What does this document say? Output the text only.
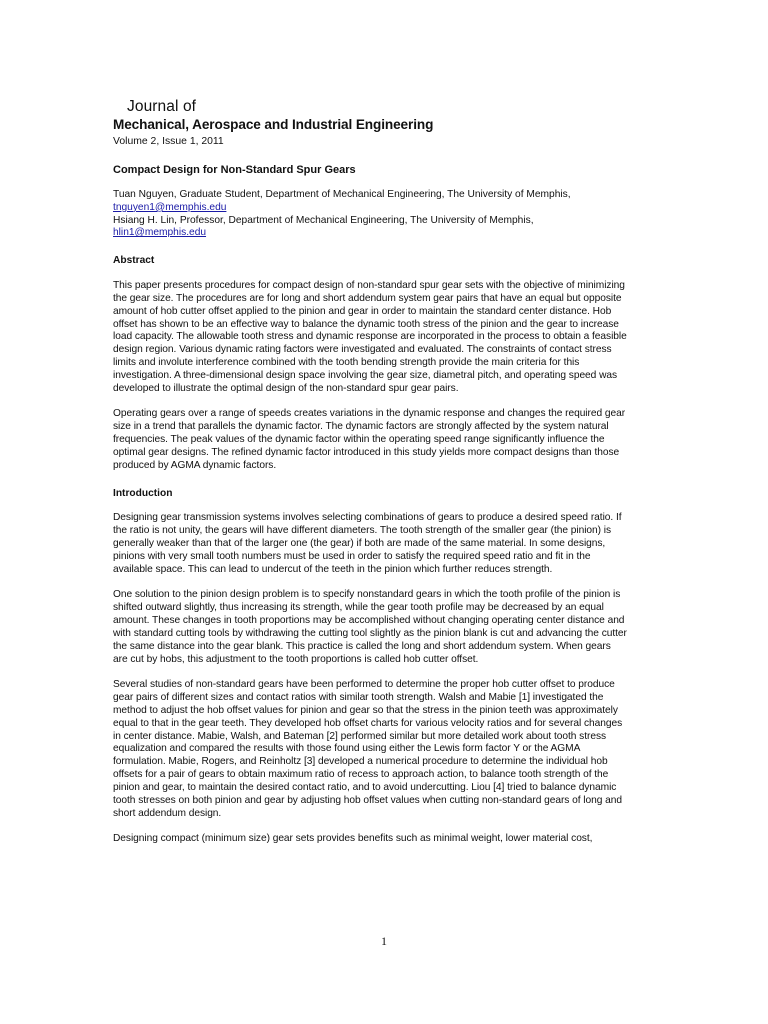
Journal of
Mechanical, Aerospace and Industrial Engineering
Volume 2, Issue 1, 2011
Compact Design for Non-Standard Spur Gears
Tuan Nguyen, Graduate Student, Department of Mechanical Engineering, The University of Memphis,
tnguyen1@memphis.edu
Hsiang H. Lin, Professor, Department of Mechanical Engineering, The University of Memphis,
hlin1@memphis.edu
Abstract

This paper presents procedures for compact design of non-standard spur gear sets with the objective of minimizing the gear size. The procedures are for long and short addendum system gear pairs that have an equal but opposite amount of hob cutter offset applied to the pinion and gear in order to maintain the standard center distance. Hob offset has shown to be an effective way to balance the dynamic tooth stress of the pinion and the gear to increase load capacity. The allowable tooth stress and dynamic response are incorporated in the process to obtain a feasible design region. Various dynamic rating factors were investigated and evaluated. The constraints of contact stress limits and involute interference combined with the tooth bending strength provide the main criteria for this investigation. A three-dimensional design space involving the gear size, diametral pitch, and operating speed was developed to illustrate the optimal design of the non-standard spur gear pairs.

Operating gears over a range of speeds creates variations in the dynamic response and changes the required gear size in a trend that parallels the dynamic factor. The dynamic factors are strongly affected by the system natural frequencies. The peak values of the dynamic factor within the operating speed range significantly influence the optimal gear designs. The refined dynamic factor introduced in this study yields more compact designs than those produced by AGMA dynamic factors.

Introduction

Designing gear transmission systems involves selecting combinations of gears to produce a desired speed ratio. If the ratio is not unity, the gears will have different diameters. The tooth strength of the smaller gear (the pinion) is generally weaker than that of the larger one (the gear) if both are made of the same material. In some designs, pinions with very small tooth numbers must be used in order to satisfy the required speed ratio and fit in the available space. This can lead to undercut of the teeth in the pinion which further reduces strength.

One solution to the pinion design problem is to specify nonstandard gears in which the tooth profile of the pinion is shifted outward slightly, thus increasing its strength, while the gear tooth profile may be decreased by an equal amount. These changes in tooth proportions may be accomplished without changing operating center distance and with standard cutting tools by withdrawing the cutting tool slightly as the pinion blank is cut and advancing the cutter the same distance into the gear blank. This practice is called the long and short addendum system. When gears are cut by hobs, this adjustment to the tooth proportions is called hob cutter offset.

Several studies of non-standard gears have been performed to determine the proper hob cutter offset to produce gear pairs of different sizes and contact ratios with similar tooth strength. Walsh and Mabie [1] investigated the method to adjust the hob offset values for pinion and gear so that the stress in the pinion teeth was approximately equal to that in the gear teeth. They developed hob offset charts for various velocity ratios and for several changes in center distance. Mabie, Walsh, and Bateman [2] performed similar but more detailed work about tooth stress equalization and compared the results with those found using either the Lewis form factor Y or the AGMA formulation. Mabie, Rogers, and Reinholtz [3] developed a numerical procedure to determine the individual hob offsets for a pair of gears to obtain maximum ratio of recess to approach action, to balance tooth strength of the pinion and gear, to maintain the desired contact ratio, and to avoid undercutting. Liou [4] tried to balance dynamic tooth stresses on both pinion and gear by adjusting hob offset values when cutting non-standard gears of long and short addendum design.

Designing compact (minimum size) gear sets provides benefits such as minimal weight, lower material cost,

1
